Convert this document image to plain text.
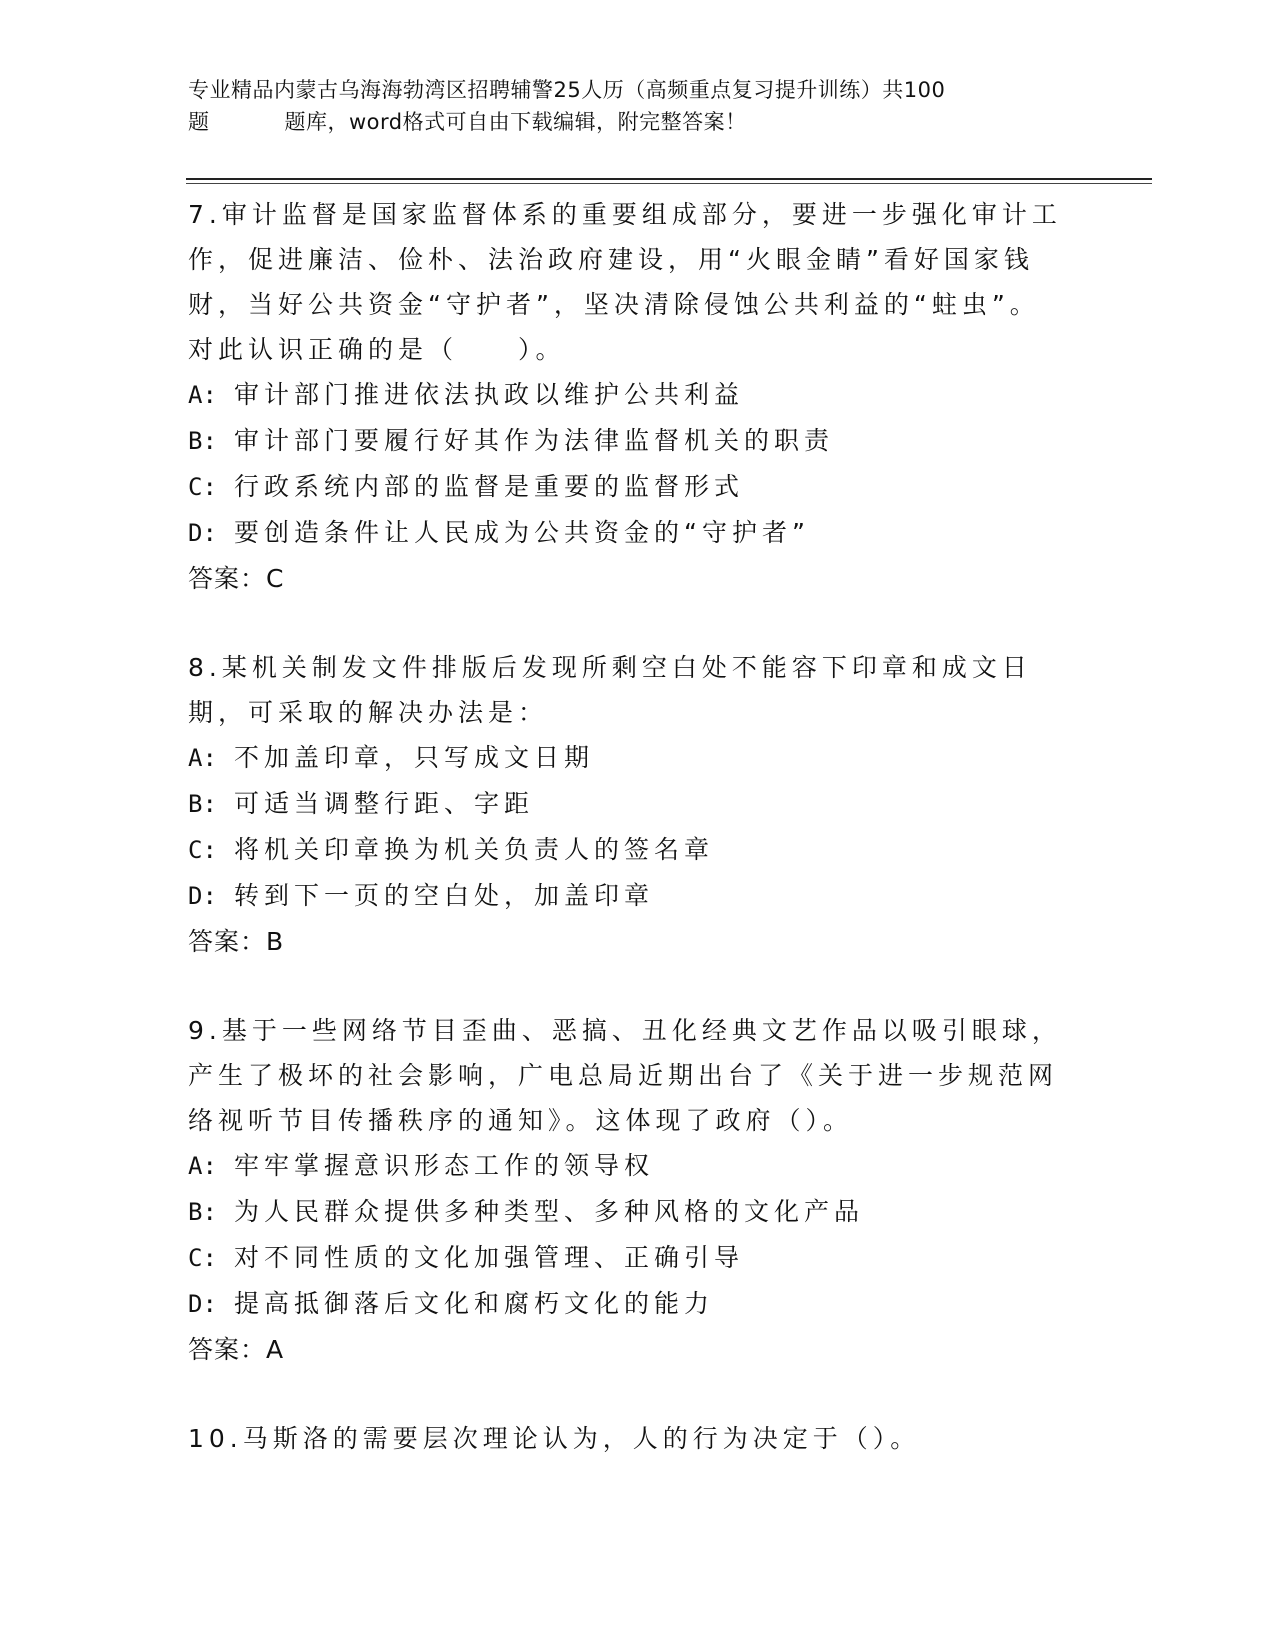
专业精品内蒙古乌海海勃湾区招聘辅警25人历（高频重点复习提升训练）共100
题	题库，word格式可自由下载编辑，附完整答案！
7.审计监督是国家监督体系的重要组成部分，要进一步强化审计工作，促进廉洁、俭朴、法治政府建设，用“火眼金睛”看好国家钱财，当好公共资金“守护者”，坚决清除侵蚀公共利益的“蛀虫”。对此认识正确的是（　　）。
A: 审计部门推进依法执政以维护公共利益
B: 审计部门要履行好其作为法律监督机关的职责
C: 行政系统内部的监督是重要的监督形式
D: 要创造条件让人民成为公共资金的“守护者”
答案：C
8.某机关制发文件排版后发现所剩空白处不能容下印章和成文日期，可采取的解决办法是：
A: 不加盖印章，只写成文日期
B: 可适当调整行距、字距
C: 将机关印章换为机关负责人的签名章
D: 转到下一页的空白处，加盖印章
答案：B
9.基于一些网络节目歪曲、恶搞、丑化经典文艺作品以吸引眼球，产生了极坏的社会影响，广电总局近期出台了《关于进一步规范网络视听节目传播秩序的通知》。这体现了政府（）。
A: 牢牢掌握意识形态工作的领导权
B: 为人民群众提供多种类型、多种风格的文化产品
C: 对不同性质的文化加强管理、正确引导
D: 提高抵御落后文化和腐朽文化的能力
答案：A
10.马斯洛的需要层次理论认为，人的行为决定于（）。
